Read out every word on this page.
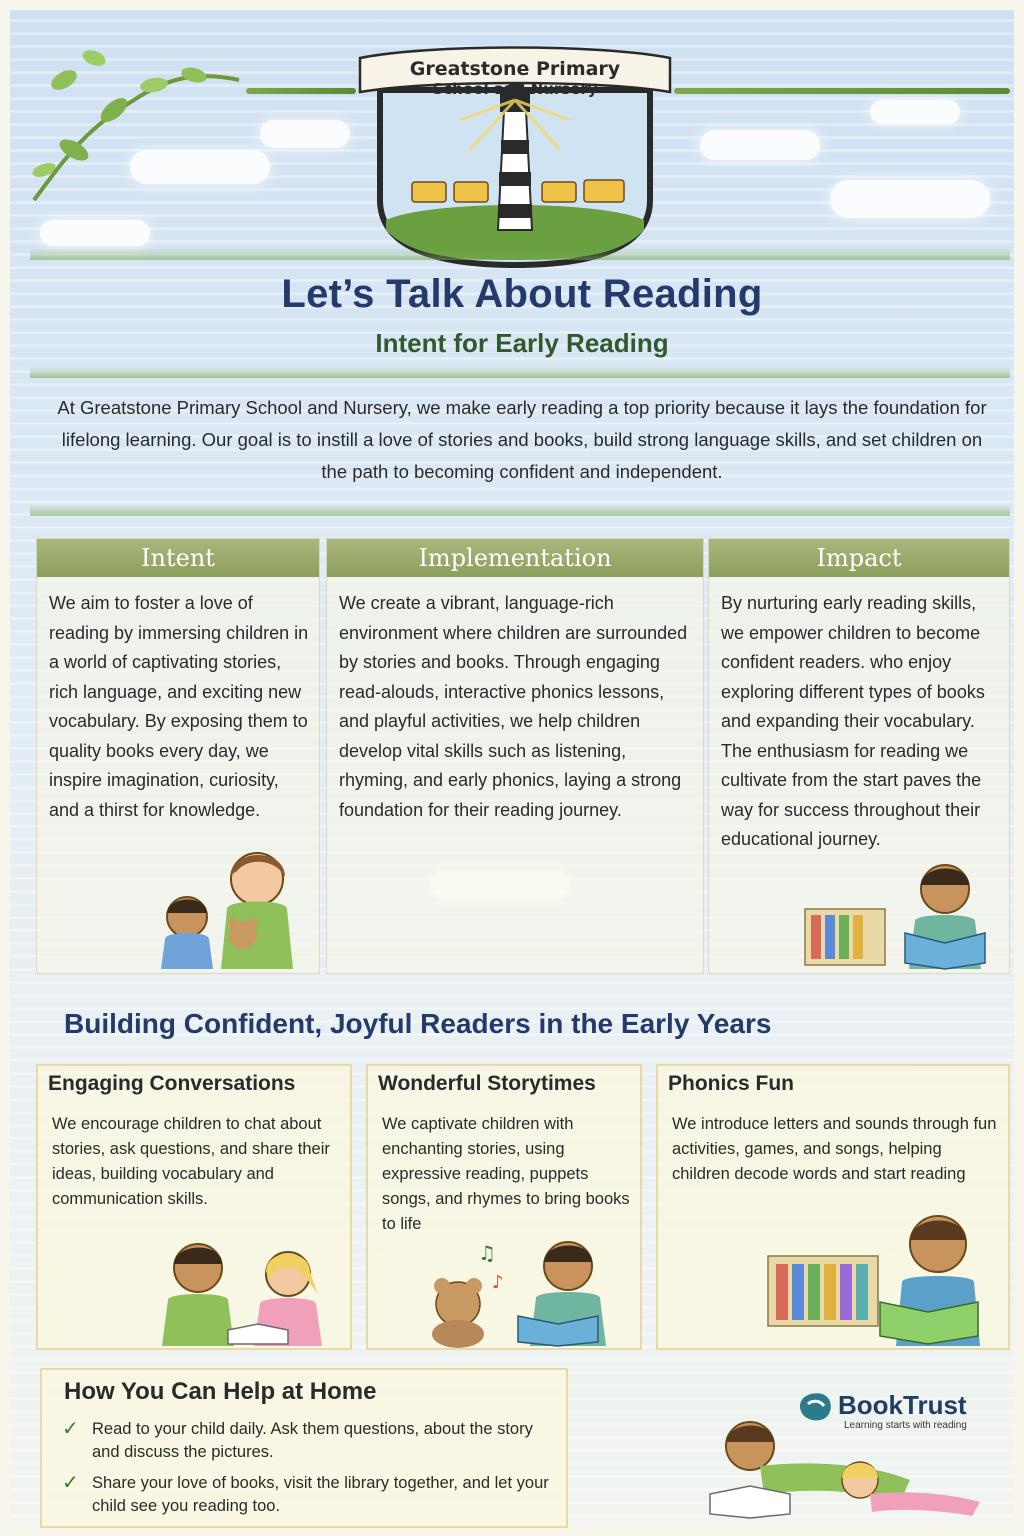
Greatstone Primary
School and Nursery
Let’s Talk About Reading
Intent for Early Reading
At Greatstone Primary School and Nursery, we make early reading a top priority because it lays the foundation for lifelong learning. Our goal is to instill a love of stories and books, build strong language skills, and set children on the path to becoming confident and independent.
Intent
We aim to foster a love of reading by immersing children in a world of captivating stories, rich language, and exciting new vocabulary. By exposing them to quality books every day, we inspire imagination, curiosity, and a thirst for knowledge.
Implementation
We create a vibrant, language-rich environment where children are surrounded by stories and books. Through engaging read-alouds, interactive phonics lessons, and playful activities, we help children develop vital skills such as listening, rhyming, and early phonics, laying a strong foundation for their reading journey.
Impact
By nurturing early reading skills, we empower children to become confident readers. who enjoy exploring different types of books and expanding their vocabulary. The enthusiasm for reading we cultivate from the start paves the way for success throughout their educational journey.
Building Confident, Joyful Readers in the Early Years
Engaging Conversations
We encourage children to chat about stories, ask questions, and share their ideas, building vocabulary and communication skills.
Wonderful Storytimes
We captivate children with enchanting stories, using expressive reading, puppets songs, and rhymes to bring books to life
♫
♪
Phonics Fun
We introduce letters and sounds through fun activities, games, and songs, helping children decode words and start reading
How You Can Help at Home
✓ Read to your child daily. Ask them questions, about the story and discuss the pictures.
✓ Share your love of books, visit the library together, and let your child see you reading too.
BookTrust
Learning starts with reading
